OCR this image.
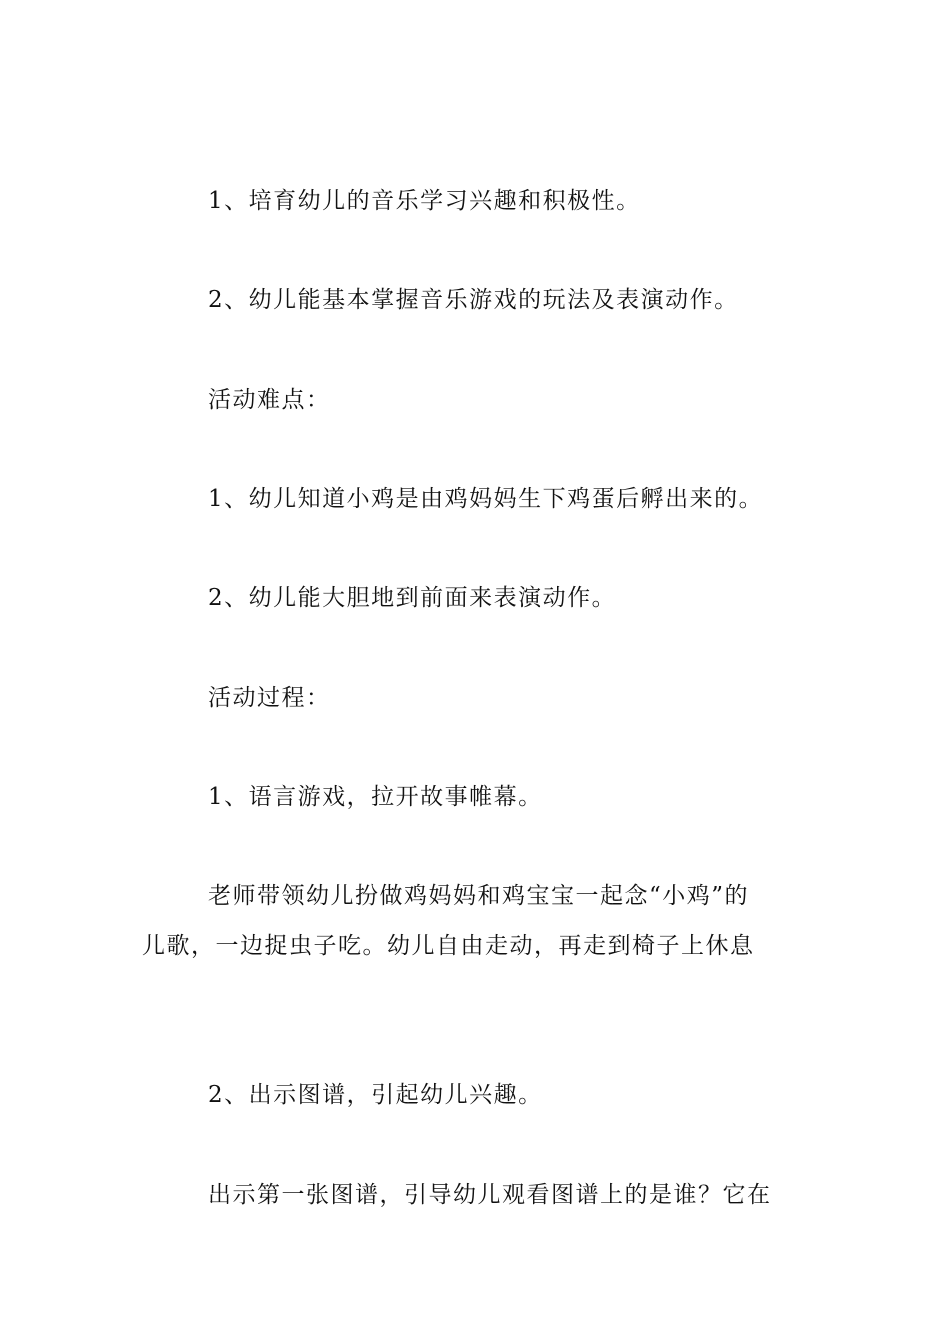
1、培育幼儿的音乐学习兴趣和积极性。
2、幼儿能基本掌握音乐游戏的玩法及表演动作。
活动难点：
1、幼儿知道小鸡是由鸡妈妈生下鸡蛋后孵出来的。
2、幼儿能大胆地到前面来表演动作。
活动过程：
1、语言游戏，拉开故事帷幕。
老师带领幼儿扮做鸡妈妈和鸡宝宝一起念“小鸡”的
儿歌，一边捉虫子吃。幼儿自由走动，再走到椅子上休息
2、出示图谱，引起幼儿兴趣。
出示第一张图谱，引导幼儿观看图谱上的是谁？它在
